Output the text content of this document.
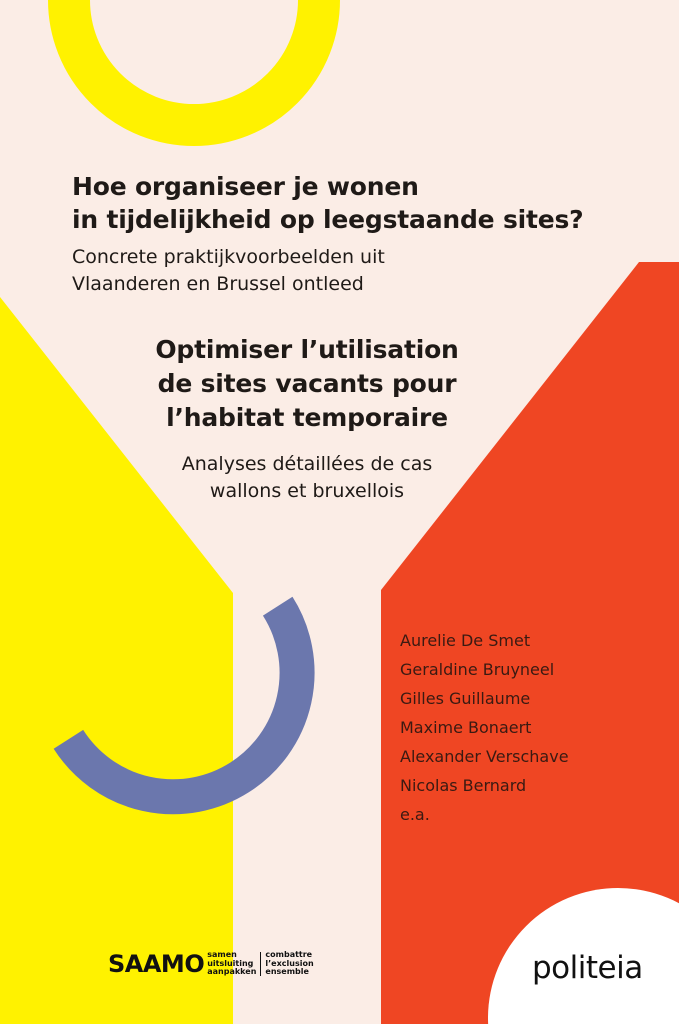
Hoe organiseer je wonen
in tijdelijkheid op leegstaande sites?
Concrete praktijkvoorbeelden uit
Vlaanderen en Brussel ontleed
Optimiser l’utilisation
de sites vacants pour
l’habitat temporaire
Analyses détaillées de cas
wallons et bruxellois
Aurelie De Smet
Geraldine Bruyneel
Gilles Guillaume
Maxime Bonaert
Alexander Verschave
Nicolas Bernard
e.a.
SAAMO samen
uitsluiting
aanpakken
combattre
l’exclusion
ensemble	politeia
